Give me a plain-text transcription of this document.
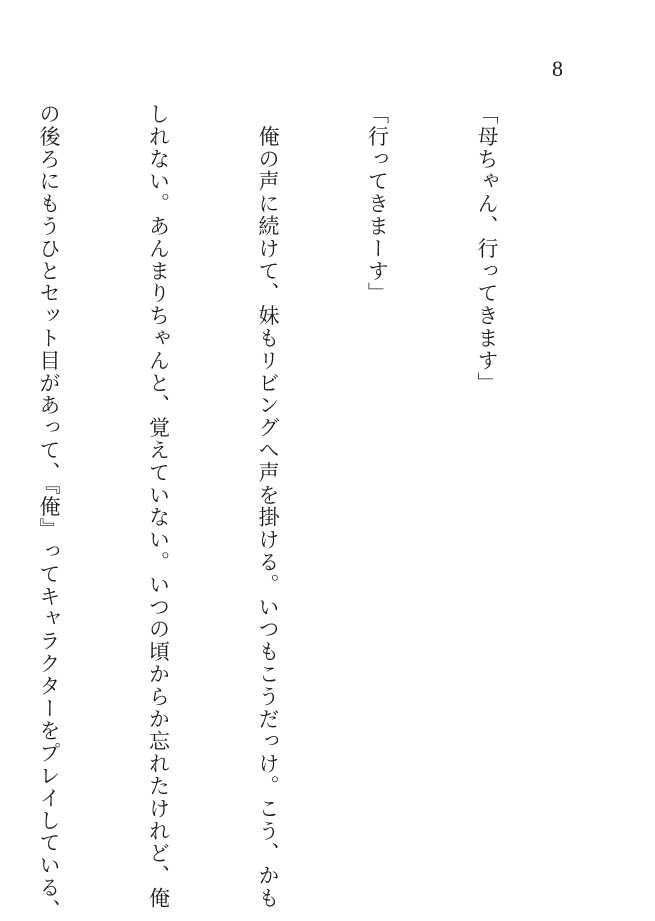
8

「母ちゃん、行ってきます」

「行ってきまーす」

　俺の声に続けて、妹もリビングへ声を掛ける。いつもこうだっけ。こう、かも

しれない。あんまりちゃんと、覚えていない。いつの頃からか忘れたけれど、俺

の後ろにもうひとセット目があって、『俺』ってキャラクターをプレイしている、
